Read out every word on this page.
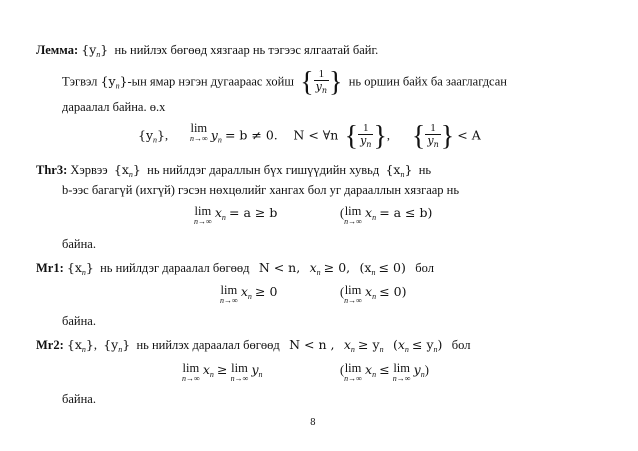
Лемма: $\{y_n\}$ нь нийлэх бөгөөд хязгаар нь тэгээс ялгаатай байг.
Тэгвэл $\{y_n\}-ын$ ямар нэгэн дугаараас хойш { $\frac{1}{y_n}$ } нь оршин байх ба зааглагдсан
дараалал байна. ө.х
$\{y_n\}$,
lim
n→∞ $y_n = b \ne 0$. N < ∀n { $\frac{1}{y_n}$ }, { $\frac{1}{y_n}$ } < A
Thr3: Хэрвээ $\{x_n\}$ нь нийлдэг дараллын бүх гишүүдийн хувьд $\{x_n\}$ нь
b-ээс багагүй (ихгүй) гэсэн нөхцөлийг хангах бол уг дарааллын хязгаар нь
lim
n→∞
$x_n = a \ge b$	( lim
n→∞
$x_n = a \le b$)
байна.
Mr1: $\{x_n\}$ нь нийлдэг дараалал бөгөөд N < n, $x_n \ge 0$, $(x_n \le 0)$ бол
lim
n→∞
$x_n \ge 0$	( lim
n→∞
$x_n \le 0$)
байна.
Mr2: $\{x_n\}$, $\{y_n\}$ нь нийлэх дараалал бөгөөд N < n , $x_n \ge y_n$ $(x_n \le y_n)$ бол
lim
n→∞
$x_n \ge \lim$
n→∞
$y_n$	( lim
n→∞
$x_n \le \lim$
n→∞
$y_n$)
байна.
8
